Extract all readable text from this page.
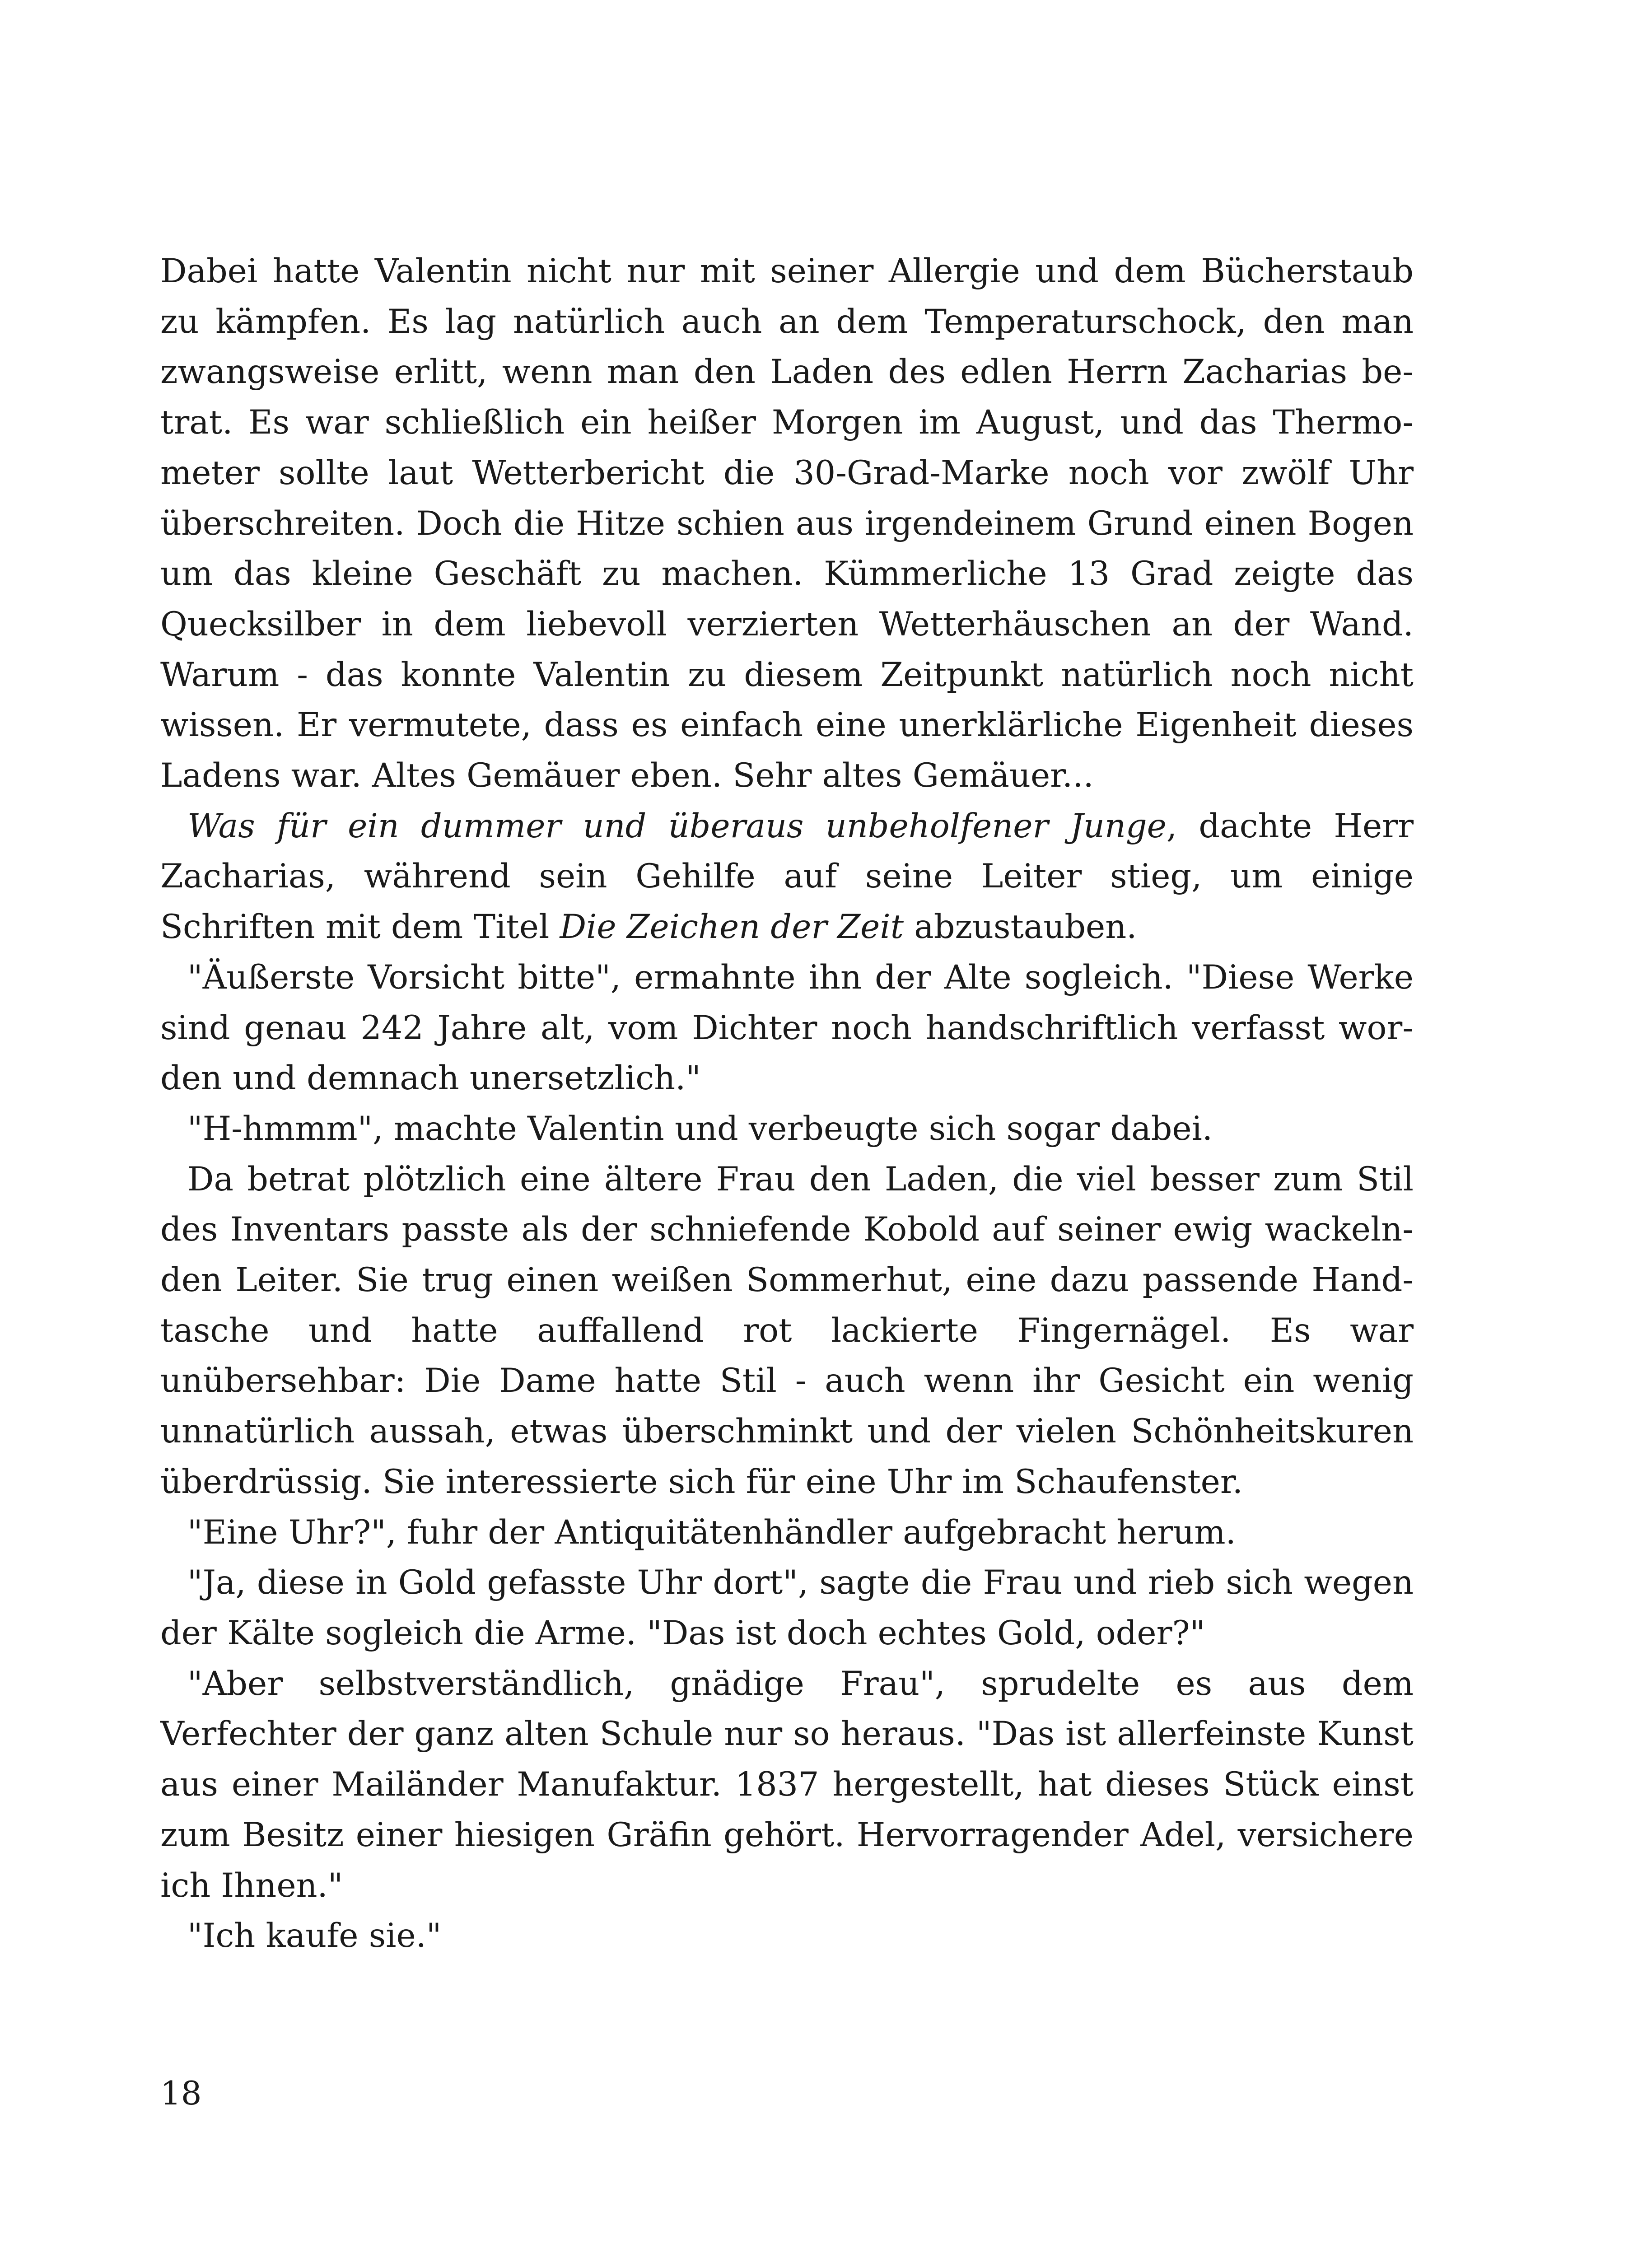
Dabei hatte Valentin nicht nur mit seiner Allergie und dem Bücherstaub zu kämpfen. Es lag natürlich auch an dem Temperaturschock, den man zwangsweise erlitt, wenn man den Laden des edlen Herrn Zacharias betrat. Es war schließlich ein heißer Morgen im August, und das Thermometer sollte laut Wetterbericht die 30-Grad-Marke noch vor zwölf Uhr überschreiten. Doch die Hitze schien aus irgendeinem Grund einen Bogen um das kleine Geschäft zu machen. Kümmerliche 13 Grad zeigte das Quecksilber in dem liebevoll verzierten Wetterhäuschen an der Wand. Warum - das konnte Valentin zu diesem Zeitpunkt natürlich noch nicht wissen. Er vermutete, dass es einfach eine unerklärliche Eigenheit dieses Ladens war. Altes Gemäuer eben. Sehr altes Gemäuer...

Was für ein dummer und überaus unbeholfener Junge, dachte Herr Zacharias, während sein Gehilfe auf seine Leiter stieg, um einige Schriften mit dem Titel Die Zeichen der Zeit abzustauben.

"Äußerste Vorsicht bitte", ermahnte ihn der Alte sogleich. "Diese Werke sind genau 242 Jahre alt, vom Dichter noch handschriftlich verfasst worden und demnach unersetzlich."

"H-hmmm", machte Valentin und verbeugte sich sogar dabei.

Da betrat plötzlich eine ältere Frau den Laden, die viel besser zum Stil des Inventars passte als der schniefende Kobold auf seiner ewig wackelnden Leiter. Sie trug einen weißen Sommerhut, eine dazu passende Handtasche und hatte auffallend rot lackierte Fingernägel. Es war unübersehbar: Die Dame hatte Stil - auch wenn ihr Gesicht ein wenig unnatürlich aussah, etwas überschminkt und der vielen Schönheitskuren überdrüssig. Sie interessierte sich für eine Uhr im Schaufenster.

"Eine Uhr?", fuhr der Antiquitätenhändler aufgebracht herum.

"Ja, diese in Gold gefasste Uhr dort", sagte die Frau und rieb sich wegen der Kälte sogleich die Arme. "Das ist doch echtes Gold, oder?"

"Aber selbstverständlich, gnädige Frau", sprudelte es aus dem Verfechter der ganz alten Schule nur so heraus. "Das ist allerfeinste Kunst aus einer Mailänder Manufaktur. 1837 hergestellt, hat dieses Stück einst zum Besitz einer hiesigen Gräfin gehört. Hervorragender Adel, versichere ich Ihnen."

"Ich kaufe sie."

18
